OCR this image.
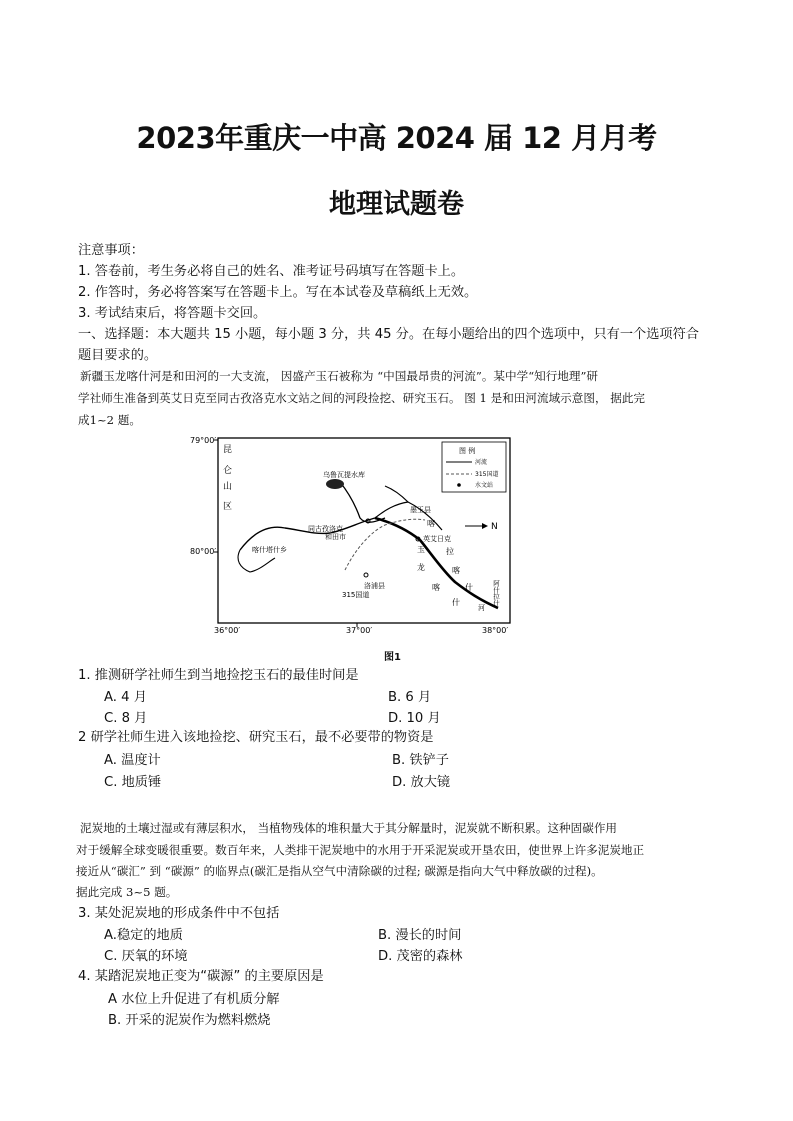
2023年重庆一中高 2024 届 12 月月考
地理试题卷
注意事项：
1. 答卷前，考生务必将自己的姓名、准考证号码填写在答题卡上。
2. 作答时，务必将答案写在答题卡上。写在本试卷及草稿纸上无效。
3. 考试结束后，将答题卡交回。
一、选择题：本大题共 15 小题，每小题 3 分，共 45 分。在每小题给出的四个选项中，只有一个选项符合
题目要求的。
新疆玉龙喀什河是和田河的一大支流， 因盛产玉石被称为 “中国最昂贵的河流”。某中学“知行地理”研
学社师生准备到英艾日克至同古孜洛克水文站之间的河段捡挖、研究玉石。 图 1 是和田河流域示意图， 据此完
成1~2 题。
79°00′
80°00′
36°00′	37°00′	38°00′
昆
仑
山
区
乌鲁瓦提水库
同古孜洛克
和田市
墨玉县
英艾日克
喀什塔什乡
洛浦县
315国道
玉
龙
喀
什
喀
拉
喀
什
河
阿什拉什
N
图 例
河流
315国道
水文站
图1
1. 推测研学社师生到当地捡挖玉石的最佳时间是
A. 4 月	B. 6 月
C. 8 月	D. 10 月
2 研学社师生进入该地捡挖、研究玉石，最不必要带的物资是
A. 温度计	B. 铁铲子
C. 地质锤	D. 放大镜
泥炭地的土壤过湿或有薄层积水， 当植物残体的堆积量大于其分解量时，泥炭就不断积累。这种固碳作用
对于缓解全球变暖很重要。数百年来，人类排干泥炭地中的水用于开采泥炭或开垦农田，使世界上许多泥炭地正
接近从“碳汇” 到 “碳源” 的临界点(碳汇是指从空气中清除碳的过程; 碳源是指向大气中释放碳的过程)。
据此完成 3~5 题。
3. 某处泥炭地的形成条件中不包括
A.稳定的地质	B. 漫长的时间
C. 厌氧的环境	D. 茂密的森林
4. 某踏泥炭地正变为“碳源” 的主要原因是
A 水位上升促进了有机质分解
B. 开采的泥炭作为燃料燃烧
